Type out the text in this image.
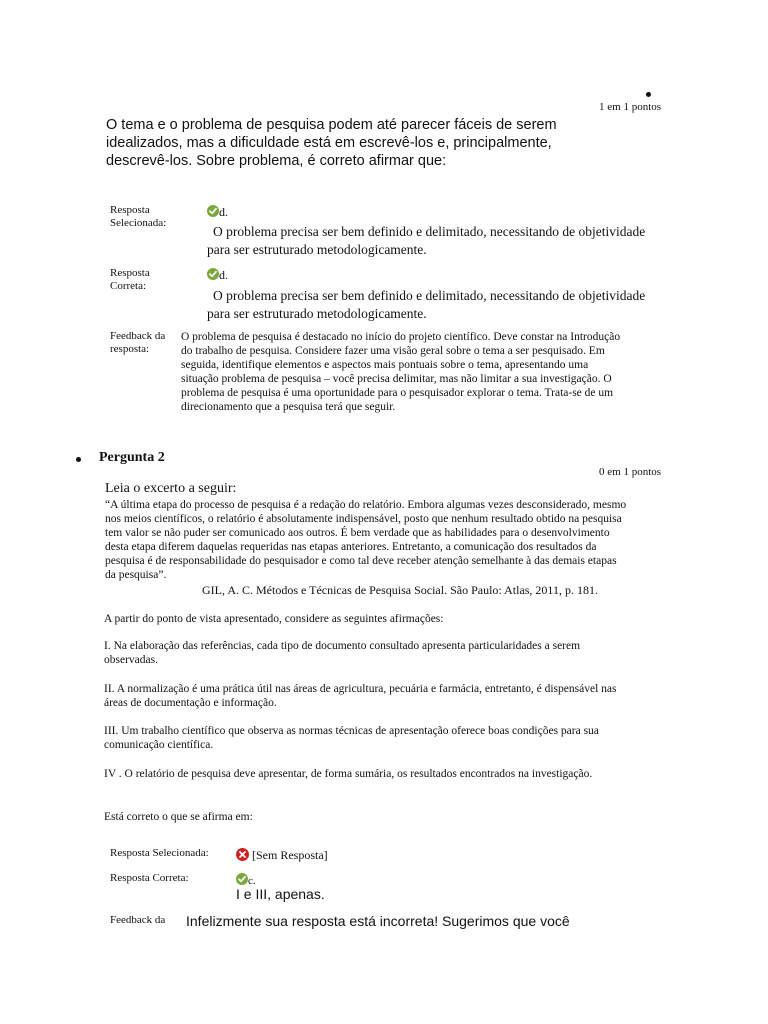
1 em 1 pontos
O tema e o problema de pesquisa podem até parecer fáceis de serem idealizados, mas a dificuldade está em escrevê-los e, principalmente, descrevê-los. Sobre problema, é correto afirmar que:
Resposta
Selecionada:
d.
O problema precisa ser bem definido e delimitado, necessitando de objetividade para ser estruturado metodologicamente.
Resposta
Correta:
d.
O problema precisa ser bem definido e delimitado, necessitando de objetividade para ser estruturado metodologicamente.
Feedback da
resposta:
O problema de pesquisa é destacado no início do projeto científico. Deve constar na Introdução do trabalho de pesquisa. Considere fazer uma visão geral sobre o tema a ser pesquisado. Em seguida, identifique elementos e aspectos mais pontuais sobre o tema, apresentando uma situação problema de pesquisa – você precisa delimitar, mas não limitar a sua investigação. O problema de pesquisa é uma oportunidade para o pesquisador explorar o tema. Trata-se de um direcionamento que a pesquisa terá que seguir.
Pergunta 2
0 em 1 pontos
Leia o excerto a seguir:
“A última etapa do processo de pesquisa é a redação do relatório. Embora algumas vezes desconsiderado, mesmo nos meios científicos, o relatório é absolutamente indispensável, posto que nenhum resultado obtido na pesquisa tem valor se não puder ser comunicado aos outros. É bem verdade que as habilidades para o desenvolvimento desta etapa diferem daquelas requeridas nas etapas anteriores. Entretanto, a comunicação dos resultados da pesquisa é de responsabilidade do pesquisador e como tal deve receber atenção semelhante à das demais etapas da pesquisa”.
GIL, A. C. Métodos e Técnicas de Pesquisa Social. São Paulo: Atlas, 2011, p. 181.
A partir do ponto de vista apresentado, considere as seguintes afirmações:
I. Na elaboração das referências, cada tipo de documento consultado apresenta particularidades a serem observadas.
II. A normalização é uma prática útil nas áreas de agricultura, pecuária e farmácia, entretanto, é dispensável nas áreas de documentação e informação.
III. Um trabalho científico que observa as normas técnicas de apresentação oferece boas condições para sua comunicação científica.
IV . O relatório de pesquisa deve apresentar, de forma sumária, os resultados encontrados na investigação.
Está correto o que se afirma em:
Resposta Selecionada:	[Sem Resposta]
Resposta Correta:	c.
I e III, apenas.
Feedback da Infelizmente sua resposta está incorreta! Sugerimos que você
